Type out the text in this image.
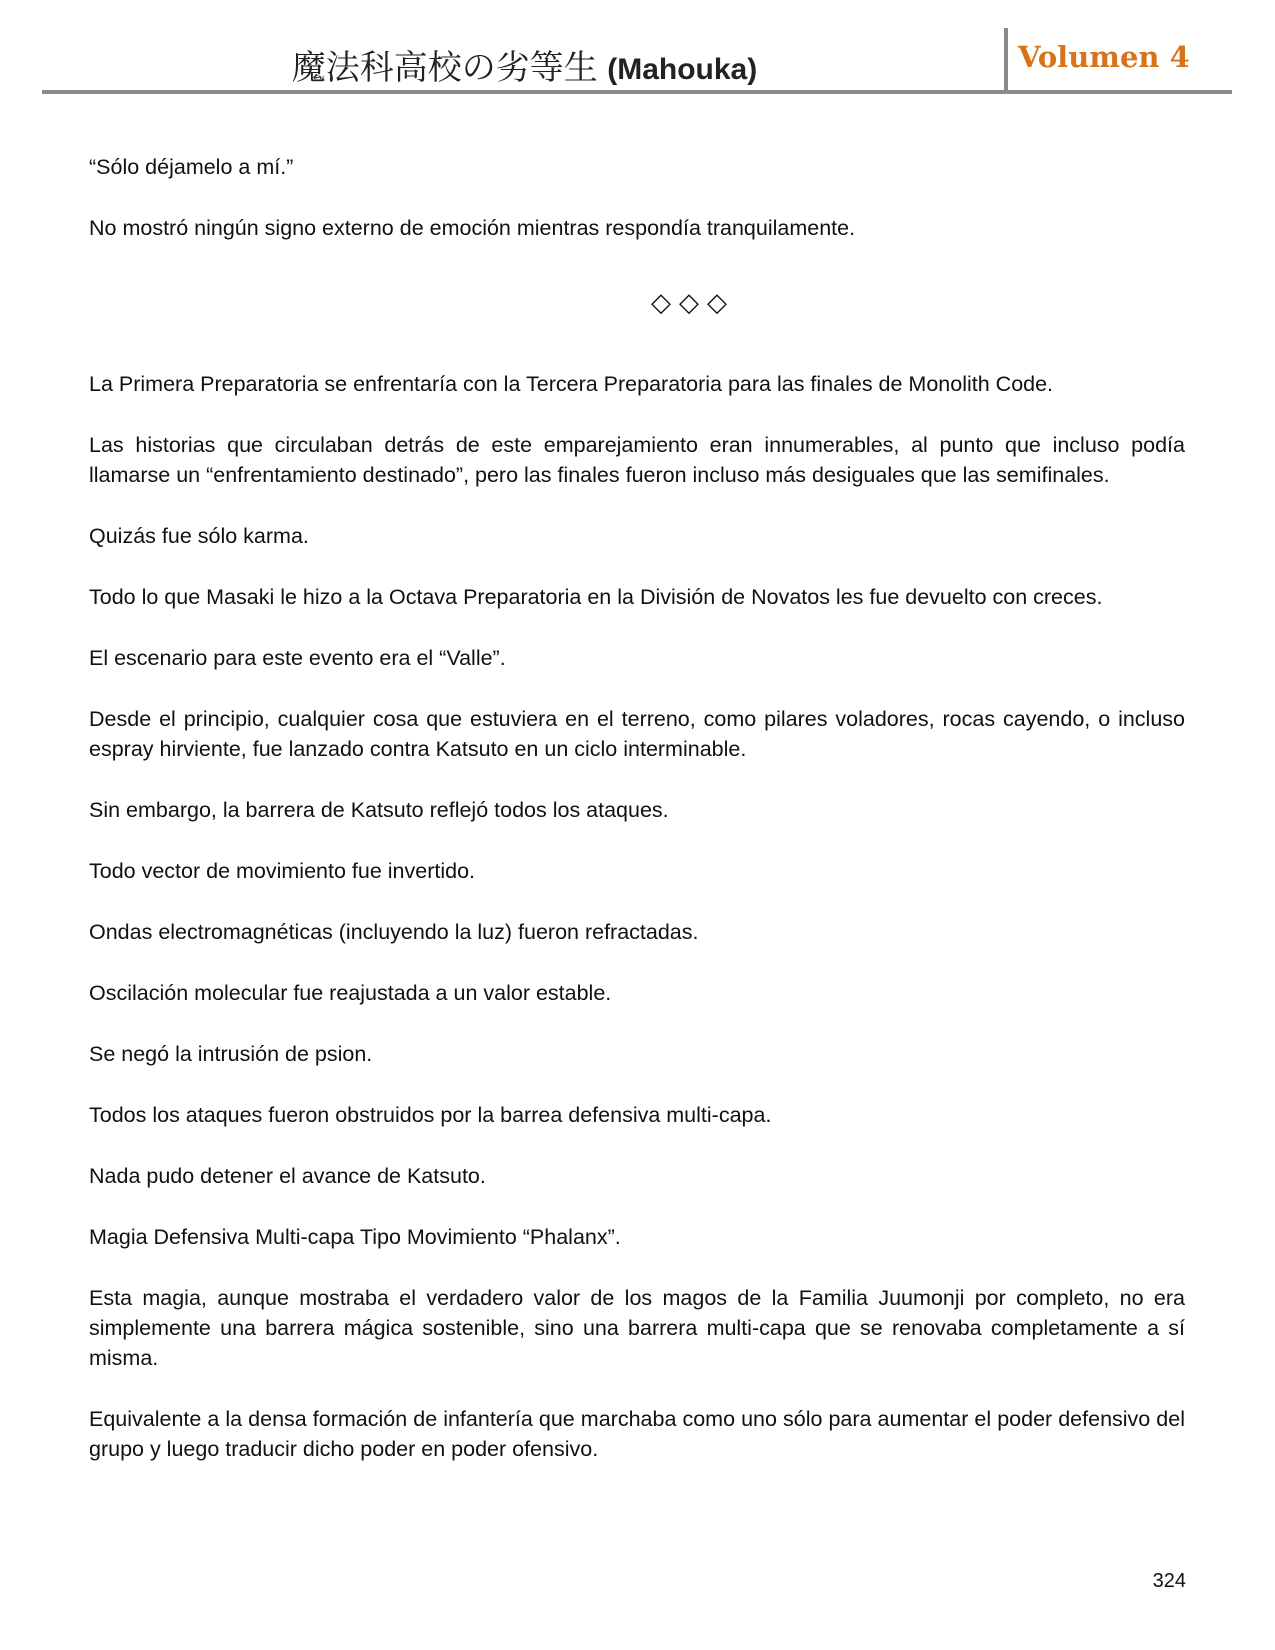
魔法科高校の劣等生 (Mahouka)	Volumen 4

“Sólo déjamelo a mí.”

No mostró ningún signo externo de emoción mientras respondía tranquilamente.

◇◇◇

La Primera Preparatoria se enfrentaría con la Tercera Preparatoria para las finales de Monolith Code.

Las historias que circulaban detrás de este emparejamiento eran innumerables, al punto que incluso podía llamarse un “enfrentamiento destinado”, pero las finales fueron incluso más desiguales que las semifinales.

Quizás fue sólo karma.

Todo lo que Masaki le hizo a la Octava Preparatoria en la División de Novatos les fue devuelto con creces.

El escenario para este evento era el “Valle”.

Desde el principio, cualquier cosa que estuviera en el terreno, como pilares voladores, rocas cayendo, o incluso espray hirviente, fue lanzado contra Katsuto en un ciclo interminable.

Sin embargo, la barrera de Katsuto reflejó todos los ataques.

Todo vector de movimiento fue invertido.

Ondas electromagnéticas (incluyendo la luz) fueron refractadas.

Oscilación molecular fue reajustada a un valor estable.

Se negó la intrusión de psion.

Todos los ataques fueron obstruidos por la barrea defensiva multi-capa.

Nada pudo detener el avance de Katsuto.

Magia Defensiva Multi-capa Tipo Movimiento “Phalanx”.

Esta magia, aunque mostraba el verdadero valor de los magos de la Familia Juumonji por completo, no era simplemente una barrera mágica sostenible, sino una barrera multi-capa que se renovaba completamente a sí misma.

Equivalente a la densa formación de infantería que marchaba como uno sólo para aumentar el poder defensivo del grupo y luego traducir dicho poder en poder ofensivo.

324
